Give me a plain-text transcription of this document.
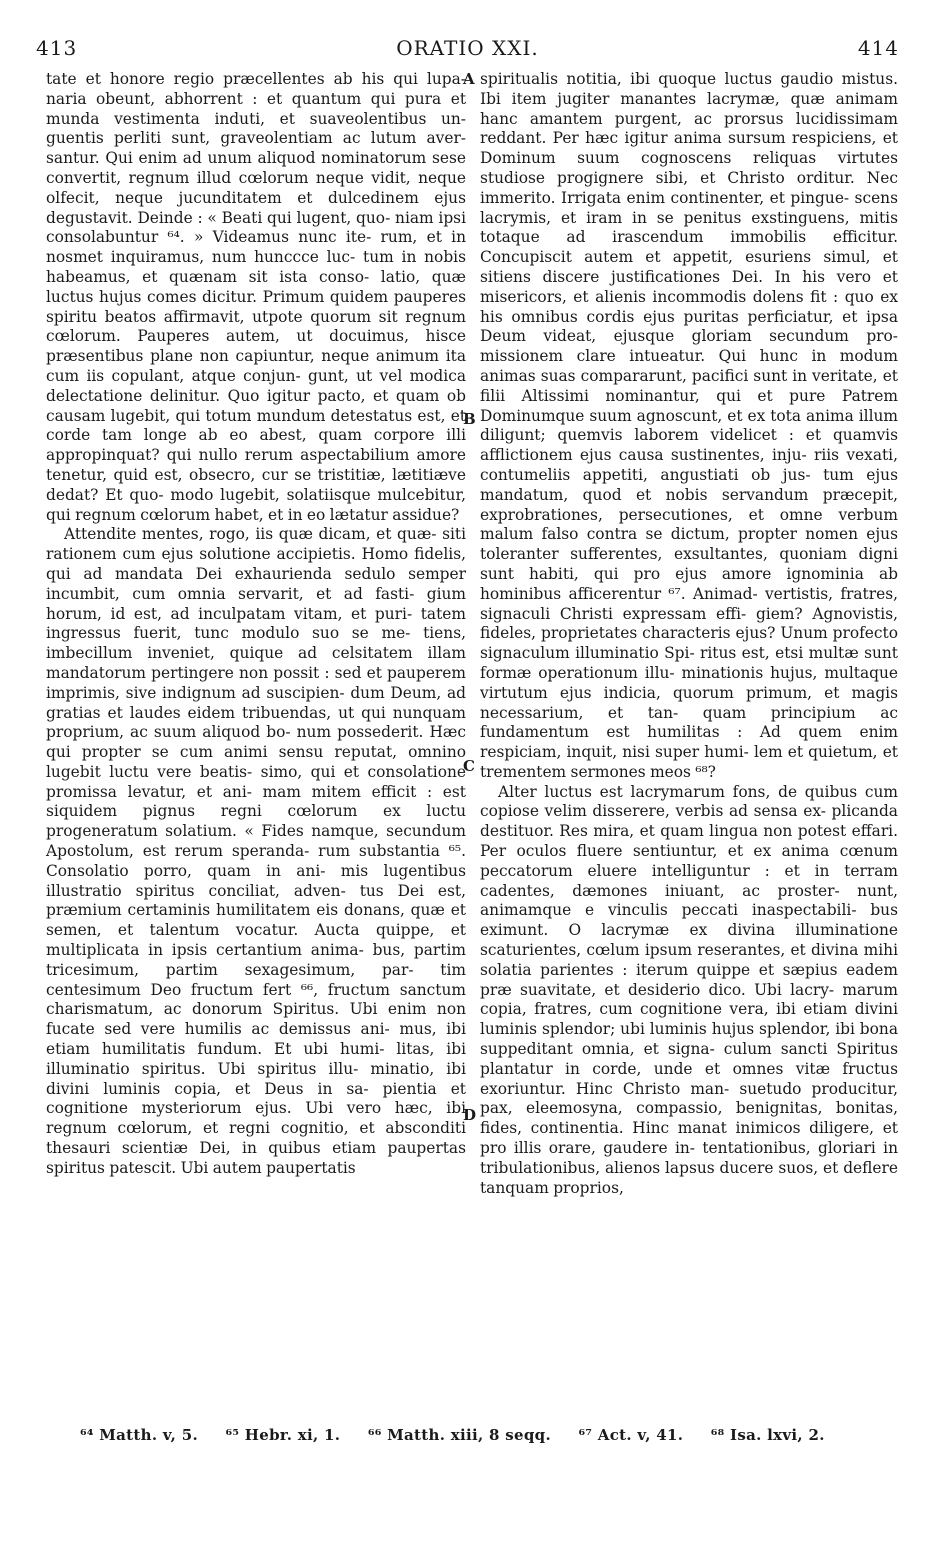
413	ORATIO XXI.	414

tate et honore regio præcellentes ab his qui lupa- naria obeunt, abhorrent : et quantum qui pura et munda vestimenta induti, et suaveolentibus un- guentis perliti sunt, graveolentiam ac lutum aver- santur. Qui enim ad unum aliquod nominatorum sese convertit, regnum illud cœlorum neque vidit, neque olfecit, neque jucunditatem et dulcedinem ejus degustavit. Deinde : « Beati qui lugent, quo- niam ipsi consolabuntur ⁶⁴. » Videamus nunc ite- rum, et in nosmet inquiramus, num hunccce luc- tum in nobis habeamus, et quænam sit ista conso- latio, quæ luctus hujus comes dicitur. Primum quidem pauperes spiritu beatos affirmavit, utpote quorum sit regnum cœlorum. Pauperes autem, ut docuimus, hisce præsentibus plane non capiuntur, neque animum ita cum iis copulant, atque conjun- gunt, ut vel modica delectatione delinitur. Quo igitur pacto, et quam ob causam lugebit, qui totum mundum detestatus est, et corde tam longe ab eo abest, quam corpore illi appropinquat? qui nullo rerum aspectabilium amore tenetur, quid est, obsecro, cur se tristitiæ, lætitiæve dedat? Et quo- modo lugebit, solatiisque mulcebitur, qui regnum cœlorum habet, et in eo lætatur assidue?

Attendite mentes, rogo, iis quæ dicam, et quæ- siti rationem cum ejus solutione accipietis. Homo fidelis, qui ad mandata Dei exhaurienda sedulo semper incumbit, cum omnia servarit, et ad fasti- gium horum, id est, ad inculpatam vitam, et puri- tatem ingressus fuerit, tunc modulo suo se me- tiens, imbecillum inveniet, quique ad celsitatem illam mandatorum pertingere non possit : sed et pauperem imprimis, sive indignum ad suscipien- dum Deum, ad gratias et laudes eidem tribuendas, ut qui nunquam proprium, ac suum aliquod bo- num possederit. Hæc qui propter se cum animi sensu reputat, omnino lugebit luctu vere beatis- simo, qui et consolatione promissa levatur, et ani- mam mitem efficit : est siquidem pignus regni cœlorum ex luctu progeneratum solatium. « Fides namque, secundum Apostolum, est rerum speranda- rum substantia ⁶⁵. Consolatio porro, quam in ani- mis lugentibus illustratio spiritus conciliat, adven- tus Dei est, præmium certaminis humilitatem eis donans, quæ et semen, et talentum vocatur. Aucta quippe, et multiplicata in ipsis certantium anima- bus, partim tricesimum, partim sexagesimum, par- tim centesimum Deo fructum fert ⁶⁶, fructum sanctum charismatum, ac donorum Spiritus. Ubi enim non fucate sed vere humilis ac demissus ani- mus, ibi etiam humilitatis fundum. Et ubi humi- litas, ibi illuminatio spiritus. Ubi spiritus illu- minatio, ibi divini luminis copia, et Deus in sa- pientia et cognitione mysteriorum ejus. Ubi vero hæc, ibi regnum cœlorum, et regni cognitio, et absconditi thesauri scientiæ Dei, in quibus etiam paupertas spiritus patescit. Ubi autem paupertatis

A
B
C
D

spiritualis notitia, ibi quoque luctus gaudio mistus. Ibi item jugiter manantes lacrymæ, quæ animam hanc amantem purgent, ac prorsus lucidissimam reddant. Per hæc igitur anima sursum respiciens, et Dominum suum cognoscens reliquas virtutes studiose progignere sibi, et Christo orditur. Nec immerito. Irrigata enim continenter, et pingue- scens lacrymis, et iram in se penitus exstinguens, mitis totaque ad irascendum immobilis efficitur. Concupiscit autem et appetit, esuriens simul, et sitiens discere justificationes Dei. In his vero et misericors, et alienis incommodis dolens fit : quo ex his omnibus cordis ejus puritas perficiatur, et ipsa Deum videat, ejusque gloriam secundum pro- missionem clare intueatur. Qui hunc in modum animas suas compararunt, pacifici sunt in veritate, et filii Altissimi nominantur, qui et pure Patrem Dominumque suum agnoscunt, et ex tota anima illum diligunt; quemvis laborem videlicet : et quamvis afflictionem ejus causa sustinentes, inju- riis vexati, contumeliis appetiti, angustiati ob jus- tum ejus mandatum, quod et nobis servandum præcepit, exprobrationes, persecutiones, et omne verbum malum falso contra se dictum, propter nomen ejus toleranter sufferentes, exsultantes, quoniam digni sunt habiti, qui pro ejus amore ignominia ab hominibus afficerentur ⁶⁷. Animad- vertistis, fratres, signaculi Christi expressam effi- giem? Agnovistis, fideles, proprietates characteris ejus? Unum profecto signaculum illuminatio Spi- ritus est, etsi multæ sunt formæ operationum illu- minationis hujus, multaque virtutum ejus indicia, quorum primum, et magis necessarium, et tan- quam principium ac fundamentum est humilitas : Ad quem enim respiciam, inquit, nisi super humi- lem et quietum, et trementem sermones meos ⁶⁸?

Alter luctus est lacrymarum fons, de quibus cum copiose velim disserere, verbis ad sensa ex- plicanda destituor. Res mira, et quam lingua non potest effari. Per oculos fluere sentiuntur, et ex anima cœnum peccatorum eluere intelliguntur : et in terram cadentes, dæmones iniuant, ac proster- nunt, animamque e vinculis peccati inaspectabili- bus eximunt. O lacrymæ ex divina illuminatione scaturientes, cœlum ipsum reserantes, et divina mihi solatia parientes : iterum quippe et sæpius eadem præ suavitate, et desiderio dico. Ubi lacry- marum copia, fratres, cum cognitione vera, ibi etiam divini luminis splendor; ubi luminis hujus splendor, ibi bona suppeditant omnia, et signa- culum sancti Spiritus plantatur in corde, unde et omnes vitæ fructus exoriuntur. Hinc Christo man- suetudo producitur, pax, eleemosyna, compassio, benignitas, bonitas, fides, continentia. Hinc manat inimicos diligere, et pro illis orare, gaudere in- tentationibus, gloriari in tribulationibus, alienos lapsus ducere suos, et deflere tanquam proprios,

⁶⁴ Matth. v, 5. ⁶⁵ Hebr. xi, 1. ⁶⁶ Matth. xiii, 8 seqq. ⁶⁷ Act. v, 41. ⁶⁸ Isa. lxvi, 2.
